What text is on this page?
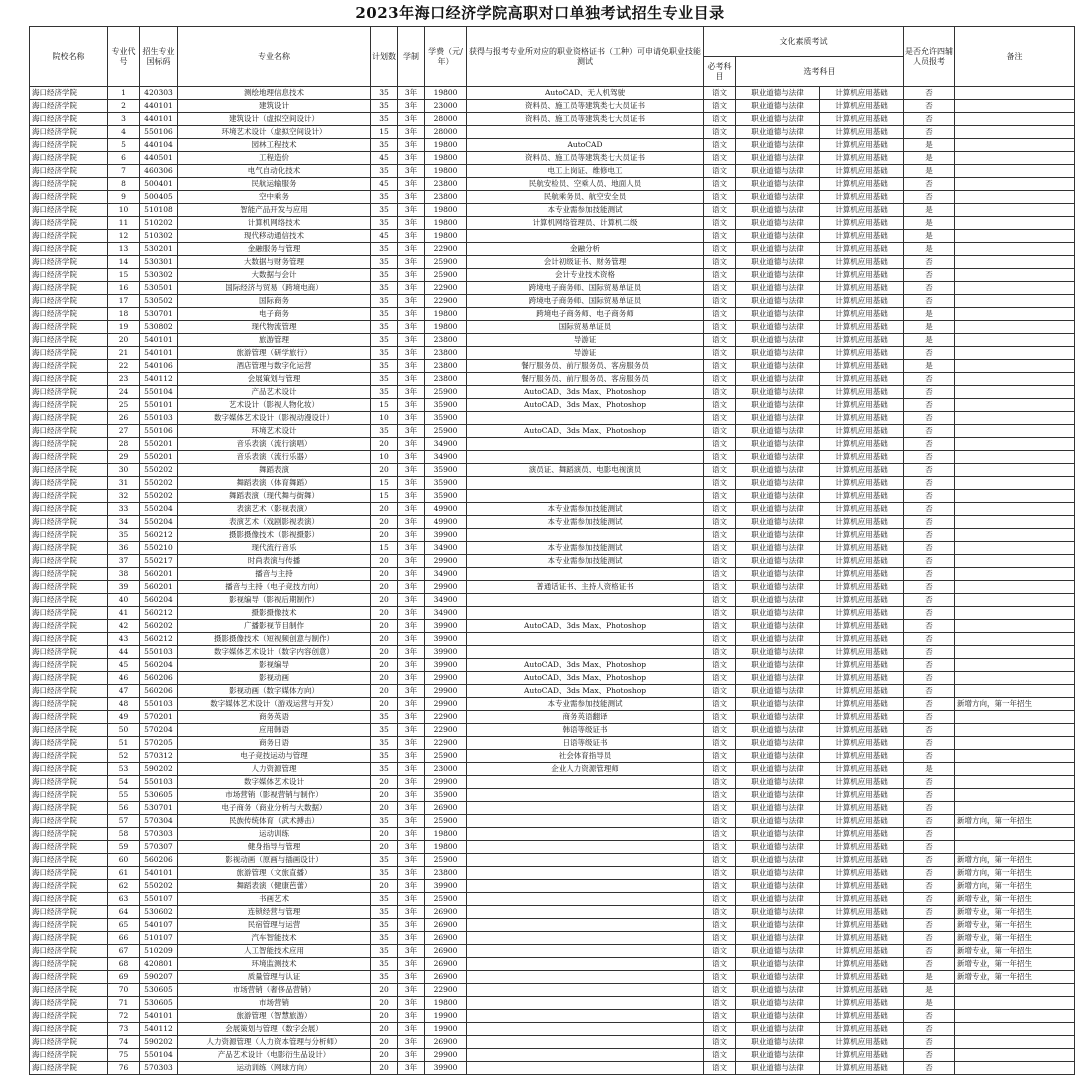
2023年海口经济学院高职对口单独考试招生专业目录
院校名称	专业代号	招生专业国标码	专业名称	计划数	学制	学费（元/年）	获得与报考专业所对应的职业资格证书（工种）可申请免职业技能测试	文化素质考试			是否允许四辅人员报考	备注
								必考科目	选考科目			
海口经济学院	1	420303	测绘地理信息技术	35	3年	19800	AutoCAD、无人机驾驶	语文	职业道德与法律	计算机应用基础	否	
海口经济学院	2	440101	建筑设计	35	3年	23000	资料员、施工员等建筑类七大员证书	语文	职业道德与法律	计算机应用基础	否	
海口经济学院	3	440101	建筑设计（虚拟空间设计）	35	3年	28000	资料员、施工员等建筑类七大员证书	语文	职业道德与法律	计算机应用基础	否	
海口经济学院	4	550106	环境艺术设计（虚拟空间设计）	15	3年	28000		语文	职业道德与法律	计算机应用基础	否	
海口经济学院	5	440104	园林工程技术	35	3年	19800	AutoCAD	语文	职业道德与法律	计算机应用基础	是	
海口经济学院	6	440501	工程造价	45	3年	19800	资料员、施工员等建筑类七大员证书	语文	职业道德与法律	计算机应用基础	是	
海口经济学院	7	460306	电气自动化技术	35	3年	19800	电工上岗证、维修电工	语文	职业道德与法律	计算机应用基础	是	
海口经济学院	8	500401	民航运输服务	45	3年	23800	民航安检员、空乘人员、地面人员	语文	职业道德与法律	计算机应用基础	否	
海口经济学院	9	500405	空中乘务	35	3年	23800	民航乘务员、航空安全员	语文	职业道德与法律	计算机应用基础	否	
海口经济学院	10	510108	智能产品开发与应用	35	3年	19800	本专业需参加技能测试	语文	职业道德与法律	计算机应用基础	是	
海口经济学院	11	510202	计算机网络技术	35	3年	19800	计算机网络管理员、计算机二级	语文	职业道德与法律	计算机应用基础	是	
海口经济学院	12	510302	现代移动通信技术	45	3年	19800		语文	职业道德与法律	计算机应用基础	是	
海口经济学院	13	530201	金融服务与管理	35	3年	22900	金融分析	语文	职业道德与法律	计算机应用基础	是	
海口经济学院	14	530301	大数据与财务管理	35	3年	25900	会计初级证书、财务管理	语文	职业道德与法律	计算机应用基础	否	
海口经济学院	15	530302	大数据与会计	35	3年	25900	会计专业技术资格	语文	职业道德与法律	计算机应用基础	否	
海口经济学院	16	530501	国际经济与贸易（跨境电商）	35	3年	22900	跨境电子商务师、国际贸易单证员	语文	职业道德与法律	计算机应用基础	否	
海口经济学院	17	530502	国际商务	35	3年	22900	跨境电子商务师、国际贸易单证员	语文	职业道德与法律	计算机应用基础	否	
海口经济学院	18	530701	电子商务	35	3年	19800	跨境电子商务师、电子商务师	语文	职业道德与法律	计算机应用基础	是	
海口经济学院	19	530802	现代物流管理	35	3年	19800	国际贸易单证员	语文	职业道德与法律	计算机应用基础	是	
海口经济学院	20	540101	旅游管理	35	3年	23800	导游证	语文	职业道德与法律	计算机应用基础	是	
海口经济学院	21	540101	旅游管理（研学旅行）	35	3年	23800	导游证	语文	职业道德与法律	计算机应用基础	否	
海口经济学院	22	540106	酒店管理与数字化运营	35	3年	23800	餐厅服务员、前厅服务员、客房服务员	语文	职业道德与法律	计算机应用基础	是	
海口经济学院	23	540112	会展策划与管理	35	3年	23800	餐厅服务员、前厅服务员、客房服务员	语文	职业道德与法律	计算机应用基础	否	
海口经济学院	24	550104	产品艺术设计	35	3年	25900	AutoCAD、3ds Max、Photoshop	语文	职业道德与法律	计算机应用基础	否	
海口经济学院	25	550101	艺术设计（影视人物化妆）	15	3年	35900	AutoCAD、3ds Max、Photoshop	语文	职业道德与法律	计算机应用基础	否	
海口经济学院	26	550103	数字媒体艺术设计（影视动漫设计）	10	3年	35900		语文	职业道德与法律	计算机应用基础	否	
海口经济学院	27	550106	环境艺术设计	35	3年	25900	AutoCAD、3ds Max、Photoshop	语文	职业道德与法律	计算机应用基础	否	
海口经济学院	28	550201	音乐表演（流行演唱）	20	3年	34900		语文	职业道德与法律	计算机应用基础	否	
海口经济学院	29	550201	音乐表演（流行乐器）	10	3年	34900		语文	职业道德与法律	计算机应用基础	否	
海口经济学院	30	550202	舞蹈表演	20	3年	35900	演员证、舞蹈演员、电影电视演员	语文	职业道德与法律	计算机应用基础	否	
海口经济学院	31	550202	舞蹈表演（体育舞蹈）	15	3年	35900		语文	职业道德与法律	计算机应用基础	否	
海口经济学院	32	550202	舞蹈表演（现代舞与街舞）	15	3年	35900		语文	职业道德与法律	计算机应用基础	否	
海口经济学院	33	550204	表演艺术（影视表演）	20	3年	49900	本专业需参加技能测试	语文	职业道德与法律	计算机应用基础	否	
海口经济学院	34	550204	表演艺术（戏剧影视表演）	20	3年	49900	本专业需参加技能测试	语文	职业道德与法律	计算机应用基础	否	
海口经济学院	35	560212	摄影摄像技术（影视摄影）	20	3年	39900		语文	职业道德与法律	计算机应用基础	否	
海口经济学院	36	550210	现代流行音乐	15	3年	34900	本专业需参加技能测试	语文	职业道德与法律	计算机应用基础	否	
海口经济学院	37	550217	时尚表演与传播	20	3年	29900	本专业需参加技能测试	语文	职业道德与法律	计算机应用基础	否	
海口经济学院	38	560201	播音与主持	20	3年	34900		语文	职业道德与法律	计算机应用基础	否	
海口经济学院	39	560201	播音与主持（电子竞技方向）	20	3年	29900	普通话证书、主持人资格证书	语文	职业道德与法律	计算机应用基础	否	
海口经济学院	40	560204	影视编导（影视后期制作）	20	3年	34900		语文	职业道德与法律	计算机应用基础	否	
海口经济学院	41	560212	摄影摄像技术	20	3年	34900		语文	职业道德与法律	计算机应用基础	否	
海口经济学院	42	560202	广播影视节目制作	20	3年	39900	AutoCAD、3ds Max、Photoshop	语文	职业道德与法律	计算机应用基础	否	
海口经济学院	43	560212	摄影摄像技术（短视频创意与制作）	20	3年	39900		语文	职业道德与法律	计算机应用基础	否	
海口经济学院	44	550103	数字媒体艺术设计（数字内容创意）	20	3年	39900		语文	职业道德与法律	计算机应用基础	否	
海口经济学院	45	560204	影视编导	20	3年	39900	AutoCAD、3ds Max、Photoshop	语文	职业道德与法律	计算机应用基础	否	
海口经济学院	46	560206	影视动画	20	3年	29900	AutoCAD、3ds Max、Photoshop	语文	职业道德与法律	计算机应用基础	否	
海口经济学院	47	560206	影视动画（数字媒体方向）	20	3年	29900	AutoCAD、3ds Max、Photoshop	语文	职业道德与法律	计算机应用基础	否	
海口经济学院	48	550103	数字媒体艺术设计（游戏运营与开发）	20	3年	29900	本专业需参加技能测试	语文	职业道德与法律	计算机应用基础	否	新增方向，第一年招生
海口经济学院	49	570201	商务英语	35	3年	22900	商务英语翻译	语文	职业道德与法律	计算机应用基础	否	
海口经济学院	50	570204	应用韩语	35	3年	22900	韩语等级证书	语文	职业道德与法律	计算机应用基础	否	
海口经济学院	51	570205	商务日语	35	3年	22900	日语等级证书	语文	职业道德与法律	计算机应用基础	否	
海口经济学院	52	570312	电子竞技运动与管理	35	3年	25900	社会体育指导员	语文	职业道德与法律	计算机应用基础	否	
海口经济学院	53	590202	人力资源管理	35	3年	23000	企业人力资源管理师	语文	职业道德与法律	计算机应用基础	是	
海口经济学院	54	550103	数字媒体艺术设计	20	3年	29900		语文	职业道德与法律	计算机应用基础	否	
海口经济学院	55	530605	市场营销（影视营销与制作）	20	3年	35900		语文	职业道德与法律	计算机应用基础	否	
海口经济学院	56	530701	电子商务（商业分析与大数据）	20	3年	26900		语文	职业道德与法律	计算机应用基础	否	
海口经济学院	57	570304	民族传统体育（武术搏击）	35	3年	25900		语文	职业道德与法律	计算机应用基础	否	新增方向，第一年招生
海口经济学院	58	570303	运动训练	20	3年	19800		语文	职业道德与法律	计算机应用基础	否	
海口经济学院	59	570307	健身指导与管理	20	3年	19800		语文	职业道德与法律	计算机应用基础	否	
海口经济学院	60	560206	影视动画（原画与插画设计）	35	3年	25900		语文	职业道德与法律	计算机应用基础	否	新增方向，第一年招生
海口经济学院	61	540101	旅游管理（文旅直播）	35	3年	23800		语文	职业道德与法律	计算机应用基础	否	新增方向，第一年招生
海口经济学院	62	550202	舞蹈表演（健康芭蕾）	20	3年	39900		语文	职业道德与法律	计算机应用基础	否	新增方向，第一年招生
海口经济学院	63	550107	书画艺术	35	3年	25900		语文	职业道德与法律	计算机应用基础	否	新增专业，第一年招生
海口经济学院	64	530602	连锁经营与管理	35	3年	26900		语文	职业道德与法律	计算机应用基础	否	新增专业，第一年招生
海口经济学院	65	540107	民宿管理与运营	35	3年	26900		语文	职业道德与法律	计算机应用基础	否	新增专业，第一年招生
海口经济学院	66	510107	汽车智能技术	35	3年	26900		语文	职业道德与法律	计算机应用基础	否	新增专业，第一年招生
海口经济学院	67	510209	人工智能技术应用	35	3年	26900		语文	职业道德与法律	计算机应用基础	否	新增专业，第一年招生
海口经济学院	68	420801	环境监测技术	35	3年	26900		语文	职业道德与法律	计算机应用基础	否	新增专业，第一年招生
海口经济学院	69	590207	质量管理与认证	35	3年	26900		语文	职业道德与法律	计算机应用基础	是	新增专业，第一年招生
海口经济学院	70	530605	市场营销（奢侈品营销）	20	3年	22900		语文	职业道德与法律	计算机应用基础	是	
海口经济学院	71	530605	市场营销	20	3年	19800		语文	职业道德与法律	计算机应用基础	是	
海口经济学院	72	540101	旅游管理（智慧旅游）	20	3年	19900		语文	职业道德与法律	计算机应用基础	否	
海口经济学院	73	540112	会展策划与管理（数字会展）	20	3年	19900		语文	职业道德与法律	计算机应用基础	否	
海口经济学院	74	590202	人力资源管理（人力资本管理与分析师）	20	3年	26900		语文	职业道德与法律	计算机应用基础	否	
海口经济学院	75	550104	产品艺术设计（电影衍生品设计）	20	3年	29900		语文	职业道德与法律	计算机应用基础	否	
海口经济学院	76	570303	运动训练（网球方向）	20	3年	39900		语文	职业道德与法律	计算机应用基础	否	
